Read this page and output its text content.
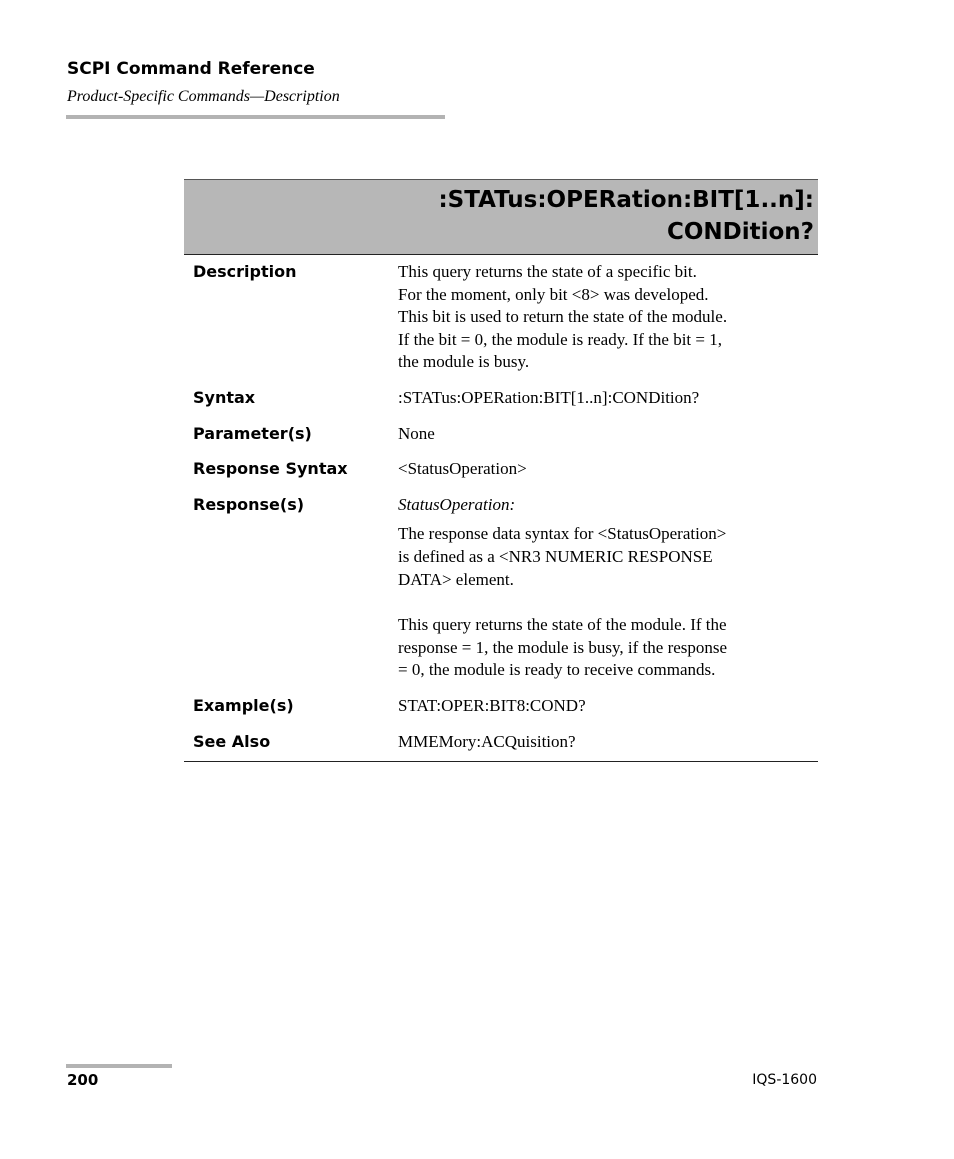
SCPI Command Reference
Product-Specific Commands—Description
:STATus:OPERation:BIT[1..n]:
CONDition?
Description	This query returns the state of a specific bit.
For the moment, only bit <8> was developed.
This bit is used to return the state of the module.
If the bit = 0, the module is ready. If the bit = 1,
the module is busy.
Syntax	:STATus:OPERation:BIT[1..n]:CONDition?
Parameter(s)	None
Response Syntax	<StatusOperation>
Response(s)	StatusOperation:
The response data syntax for <StatusOperation>
is defined as a <NR3 NUMERIC RESPONSE
DATA> element.
This query returns the state of the module. If the
response = 1, the module is busy, if the response
= 0, the module is ready to receive commands.
Example(s)	STAT:OPER:BIT8:COND?
See Also	MMEMory:ACQuisition?
200	IQS-1600
